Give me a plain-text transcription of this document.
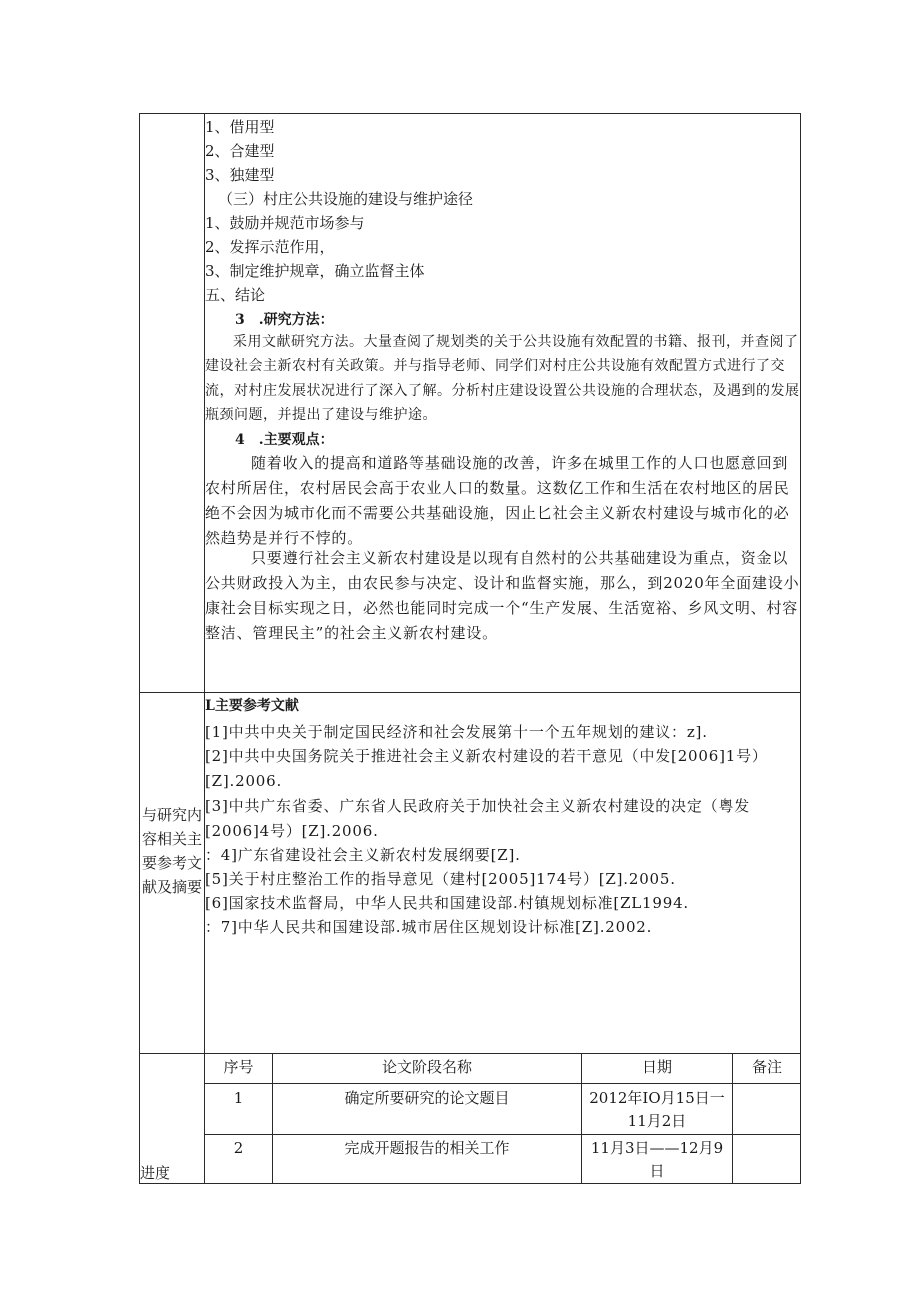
1、借用型
2、合建型
3、独建型
（三）村庄公共设施的建设与维护途径
1、鼓励并规范市场参与
2、发挥示范作用，
3、制定维护规章，确立监督主体
五、结论
3　.研究方法：
采用文献研究方法。大量查阅了规划类的关于公共设施有效配置的书籍、报刊，并查阅了建设社会主新农村有关政策。并与指导老师、同学们对村庄公共设施有效配置方式进行了交流，对村庄发展状况进行了深入了解。分析村庄建设设置公共设施的合理状态，及遇到的发展瓶颈问题，并提出了建设与维护途。
4　.主要观点：
随着收入的提高和道路等基础设施的改善，许多在城里工作的人口也愿意回到农村所居住，农村居民会高于农业人口的数量。这数亿工作和生活在农村地区的居民绝不会因为城市化而不需要公共基础设施，因止匕社会主义新农村建设与城市化的必然趋势是并行不悖的。
只要遵行社会主义新农村建设是以现有自然村的公共基础建设为重点，资金以公共财政投入为主，由农民参与决定、设计和监督实施，那么，到2020年全面建设小康社会目标实现之日，必然也能同时完成一个“生产发展、生活宽裕、乡风文明、村容整洁、管理民主”的社会主义新农村建设。
与研究内容相关主要参考文献及摘要
L主要参考文献
[1]中共中央关于制定国民经济和社会发展第十一个五年规划的建议：z].
[2]中共中央国务院关于推进社会主义新农村建设的若干意见（中发[2006]1号）[Z].2006.
[3]中共广东省委、广东省人民政府关于加快社会主义新农村建设的决定（粤发[2006]4号）[Z].2006.
：4]广东省建设社会主义新农村发展纲要[Z].
[5]关于村庄整治工作的指导意见（建村[2005]174号）[Z].2005.
[6]国家技术监督局，中华人民共和国建设部.村镇规划标准[ZL1994.
：7]中华人民共和国建设部.城市居住区规划设计标准[Z].2002.
进度
序号	论文阶段名称	日期	备注
1	确定所要研究的论文题目	2012年IO月15日一
11月2日
2	完成开题报告的相关工作	11月3日——12月9
日
